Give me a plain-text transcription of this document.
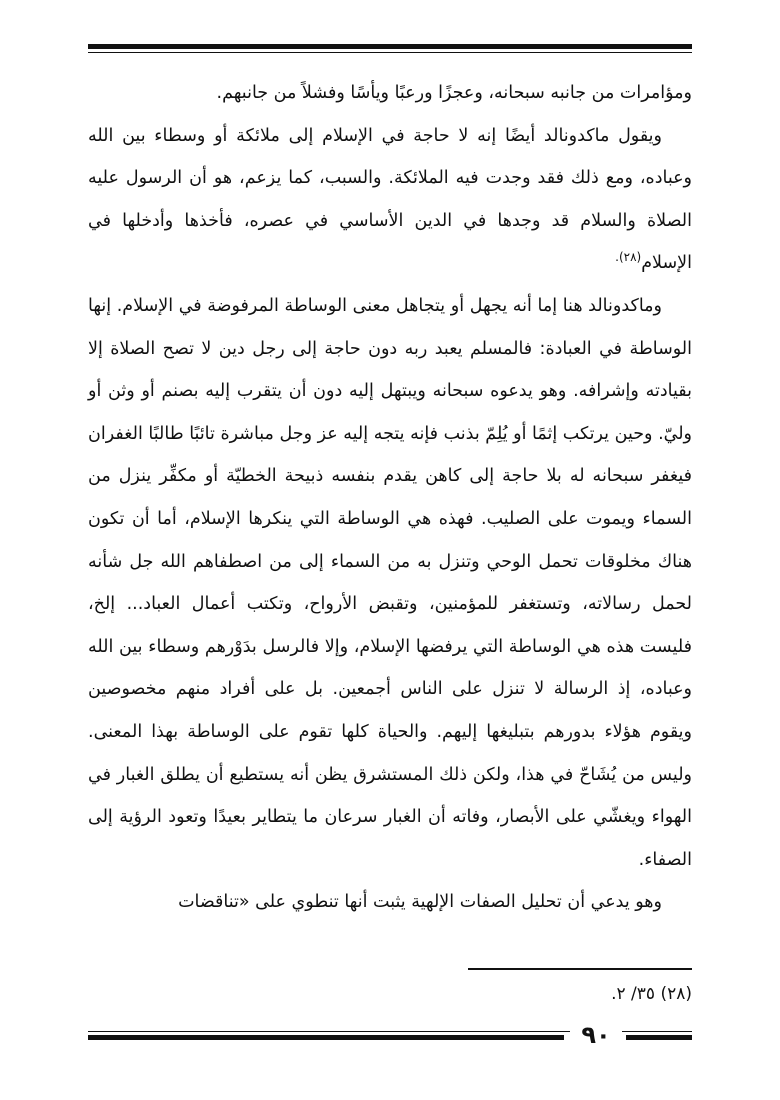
ومؤامرات من جانبه سبحانه، وعجزًا ورعبًا ويأسًا وفشلاً من جانبهم.

ويقول ماكدونالد أيضًا إنه لا حاجة في الإسلام إلى ملائكة أو وسطاء بين الله وعباده، ومع ذلك فقد وجدت فيه الملائكة. والسبب، كما يزعم، هو أن الرسول عليه الصلاة والسلام قد وجدها في الدين الأساسي في عصره، فأخذها وأدخلها في الإسلام$^{(٢٨).}$

وماكدونالد هنا إما أنه يجهل أو يتجاهل معنى الوساطة المرفوضة في الإسلام. إنها الوساطة في العبادة: فالمسلم يعبد ربه دون حاجة إلى رجل دين لا تصح الصلاة إلا بقيادته وإشرافه. وهو يدعوه سبحانه ويبتهل إليه دون أن يتقرب إليه بصنم أو وثن أو وليّ. وحين يرتكب إثمًا أو يُلِمّ بذنب فإنه يتجه إليه عز وجل مباشرة تائبًا طالبًا الغفران فيغفر سبحانه له بلا حاجة إلى كاهن يقدم بنفسه ذبيحة الخطيّة أو مكفِّر ينزل من السماء ويموت على الصليب. فهذه هي الوساطة التي ينكرها الإسلام، أما أن تكون هناك مخلوقات تحمل الوحي وتنزل به من السماء إلى من اصطفاهم الله جل شأنه لحمل رسالاته، وتستغفر للمؤمنين، وتقبض الأرواح، وتكتب أعمال العباد... إلخ، فليست هذه هي الوساطة التي يرفضها الإسلام، وإلا فالرسل بدَوْرهم وسطاء بين الله وعباده، إذ الرسالة لا تنزل على الناس أجمعين. بل على أفراد منهم مخصوصين ويقوم هؤلاء بدورهم بتبليغها إليهم. والحياة كلها تقوم على الوساطة بهذا المعنى. وليس من يُشَاحّ في هذا، ولكن ذلك المستشرق يظن أنه يستطيع أن يطلق الغبار في الهواء ويغشّي على الأبصار، وفاته أن الغبار سرعان ما يتطاير بعيدًا وتعود الرؤية إلى الصفاء.

وهو يدعي أن تحليل الصفات الإلهية يثبت أنها تنطوي على «تناقضات

(٢٨) ٣٥/ ٢.
٩٠
